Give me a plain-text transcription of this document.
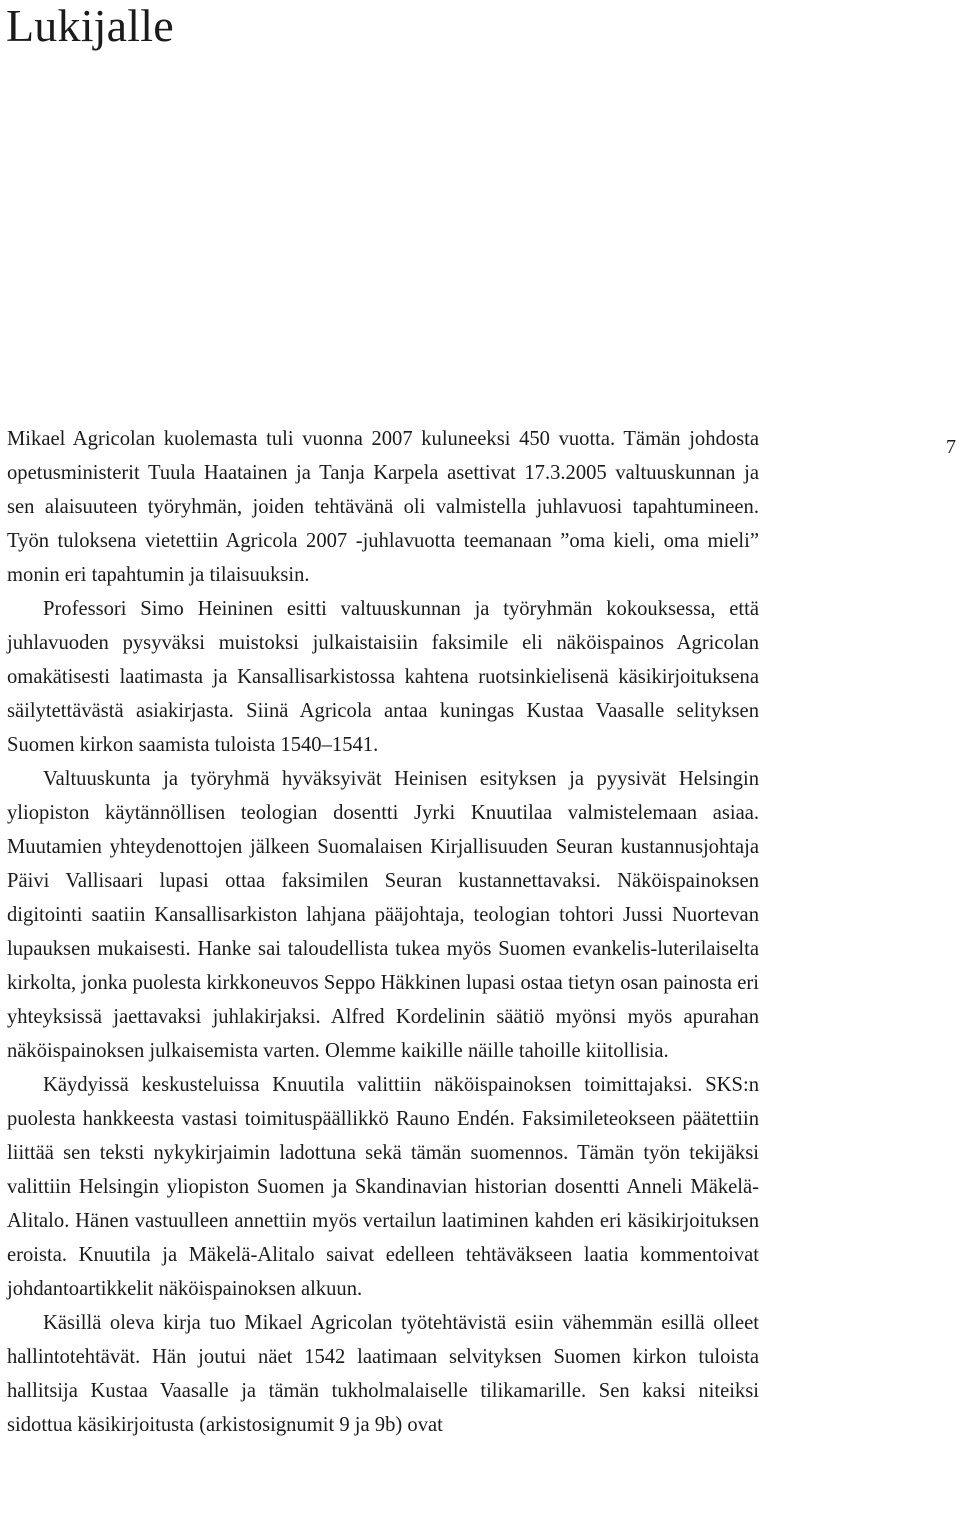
Lukijalle
7

Mikael Agricolan kuolemasta tuli vuonna 2007 kuluneeksi 450 vuotta. Tämän johdosta opetusministerit Tuula Haatainen ja Tanja Karpela asettivat 17.3.2005 valtuuskunnan ja sen alaisuuteen työryhmän, joiden tehtävänä oli valmistella juhlavuosi tapahtumineen. Työn tuloksena vietettiin Agricola 2007 -juhlavuotta teemanaan ”oma kieli, oma mieli” monin eri tapahtumin ja tilaisuuksin.

Professori Simo Heininen esitti valtuuskunnan ja työryhmän kokouksessa, että juhlavuoden pysyväksi muistoksi julkaistaisiin faksimile eli näköispainos Agricolan omakätisesti laatimasta ja Kansallisarkistossa kahtena ruotsinkielisenä käsikirjoituksena säilytettävästä asiakirjasta. Siinä Agricola antaa kuningas Kustaa Vaasalle selityksen Suomen kirkon saamista tuloista 1540–1541.

Valtuuskunta ja työryhmä hyväksyivät Heinisen esityksen ja pyysivät Helsingin yliopiston käytännöllisen teologian dosentti Jyrki Knuutilaa valmistelemaan asiaa. Muutamien yhteydenottojen jälkeen Suomalaisen Kirjallisuuden Seuran kustannusjohtaja Päivi Vallisaari lupasi ottaa faksimilen Seuran kustannettavaksi. Näköispainoksen digitointi saatiin Kansallisarkiston lahjana pääjohtaja, teologian tohtori Jussi Nuortevan lupauksen mukaisesti. Hanke sai taloudellista tukea myös Suomen evankelis-luterilaiselta kirkolta, jonka puolesta kirkkoneuvos Seppo Häkkinen lupasi ostaa tietyn osan painosta eri yhteyksissä jaettavaksi juhlakirjaksi. Alfred Kordelinin säätiö myönsi myös apurahan näköispainoksen julkaisemista varten. Olemme kaikille näille tahoille kiitollisia.

Käydyissä keskusteluissa Knuutila valittiin näköispainoksen toimittajaksi. SKS:n puolesta hankkeesta vastasi toimituspäällikkö Rauno Endén. Faksimileteokseen päätettiin liittää sen teksti nykykirjaimin ladottuna sekä tämän suomennos. Tämän työn tekijäksi valittiin Helsingin yliopiston Suomen ja Skandinavian historian dosentti Anneli Mäkelä-Alitalo. Hänen vastuulleen annettiin myös vertailun laatiminen kahden eri käsikirjoituksen eroista. Knuutila ja Mäkelä-Alitalo saivat edelleen tehtäväkseen laatia kommentoivat johdantoartikkelit näköispainoksen alkuun.

Käsillä oleva kirja tuo Mikael Agricolan työtehtävistä esiin vähemmän esillä olleet hallintotehtävät. Hän joutui näet 1542 laatimaan selvityksen Suomen kirkon tuloista hallitsija Kustaa Vaasalle ja tämän tukholmalaiselle tilikamarille. Sen kaksi niteiksi sidottua käsikirjoitusta (arkistosignumit 9 ja 9b) ovat
